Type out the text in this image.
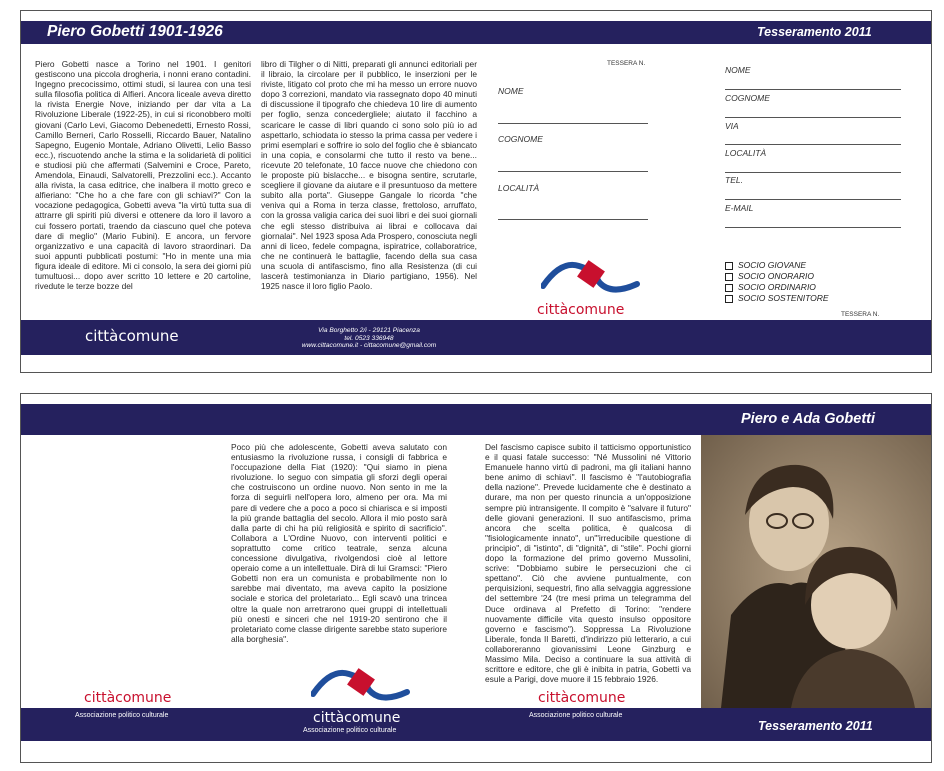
Piero Gobetti 1901-1926	Tesseramento 2011
Piero Gobetti nasce a Torino nel 1901. I genitori gestiscono una piccola drogheria, i nonni erano contadini. Ingegno precocissimo, ottimi studi, si laurea con una tesi sulla filosofia politica di Alfieri. Ancora liceale aveva diretto la rivista Energie Nove, iniziando per dar vita a La Rivoluzione Liberale (1922-25), in cui si riconobbero molti giovani (Carlo Levi, Giacomo Debenedetti, Ernesto Rossi, Camillo Berneri, Carlo Rosselli, Riccardo Bauer, Natalino Sapegno, Eugenio Montale, Adriano Olivetti, Lelio Basso ecc.), riscuotendo anche la stima e la solidarietà di politici e studiosi più che affermati (Salvemini e Croce, Pareto, Amendola, Einaudi, Salvatorelli, Prezzolini ecc.). Accanto alla rivista, la casa editrice, che inalbera il motto greco e alfieriano: "Che ho a che fare con gli schiavi?" Con la vocazione pedagogica, Gobetti aveva "la virtù tutta sua di attrarre gli spiriti più diversi e ottenere da loro il lavoro a cui fossero portati, traendo da ciascuno quel che poteva dare di meglio" (Mario Fubini). E ancora, un fervore organizzativo e una capacità di lavoro straordinari. Da suoi appunti pubblicati postumi: "Ho in mente una mia figura ideale di editore. Mi ci consolo, la sera dei giorni più tumultuosi... dopo aver scritto 10 lettere e 20 cartoline, rivedute le terze bozze del
libro di Tilgher o di Nitti, preparati gli annunci editoriali per il libraio, la circolare per il pubblico, le inserzioni per le riviste, litigato col proto che mi ha messo un errore nuovo dopo 3 correzioni, mandato via rassegnato dopo 40 minuti di discussione il tipografo che chiedeva 10 lire di aumento per foglio, senza concedergliele; aiutato il facchino a scaricare le casse di libri quando ci sono solo più io ad aspettarlo, schiodata io stesso la prima cassa per vedere i primi esemplari e soffrire io solo del foglio che è sbiancato in una copia, e consolarmi che tutto il resto va bene... ricevute 20 telefonate, 10 facce nuove che chiedono con le proposte più bislacche... e bisogna sentire, scrutarle, scegliere il giovane da aiutare e il presuntuoso da mettere subito alla porta". Giuseppe Gangale lo ricorda "che veniva qui a Roma in terza classe, frettoloso, arruffato, con la grossa valigia carica dei suoi libri e dei suoi giornali che egli stesso distribuiva ai librai e collocava dai giornalai". Nel 1923 sposa Ada Prospero, conosciuta negli anni di liceo, fedele compagna, ispiratrice, collaboratrice, che ne continuerà le battaglie, facendo della sua casa una scuola di antifascismo, fino alla Resistenza (di cui lascerà testimonianza in Diario partigiano, 1956). Nel 1925 nasce il loro figlio Paolo.
TESSERA N.
NOME
COGNOME
LOCALITÀ
cittàcomune
NOME
COGNOME
VIA
LOCALITÀ
TEL.
E-MAIL
SOCIO GIOVANE
SOCIO ONORARIO
SOCIO ORDINARIO
SOCIO SOSTENITORE
TESSERA N.
cittàcomune	Via Borghetto 2/i - 29121 Piacenza
tel. 0523 336948
www.cittacomune.it - cittacomune@gmail.com
Piero e Ada Gobetti
Poco più che adolescente, Gobetti aveva salutato con entusiasmo la rivoluzione russa, i consigli di fabbrica e l'occupazione della Fiat (1920): "Qui siamo in piena rivoluzione. Io seguo con simpatia gli sforzi degli operai che costruiscono un ordine nuovo. Non sento in me la forza di seguirli nell'opera loro, almeno per ora. Ma mi pare di vedere che a poco a poco si chiarisca e si imposti la più grande battaglia del secolo. Allora il mio posto sarà dalla parte di chi ha più religiosità e spirito di sacrificio". Collabora a L'Ordine Nuovo, con interventi politici e soprattutto come critico teatrale, senza alcuna concessione divulgativa, rivolgendosi cioè al lettore operaio come a un intellettuale. Dirà di lui Gramsci: "Piero Gobetti non era un comunista e probabilmente non lo sarebbe mai diventato, ma aveva capito la posizione sociale e storica del proletariato... Egli scavò una trincea oltre la quale non arretrarono quei gruppi di intellettuali più onesti e sinceri che nel 1919-20 sentirono che il proletariato come classe dirigente sarebbe stato superiore alla borghesia".
Del fascismo capisce subito il tatticismo opportunistico e il quasi fatale successo: "Né Mussolini né Vittorio Emanuele hanno virtù di padroni, ma gli italiani hanno bene animo di schiavi". Il fascismo è "l'autobiografia della nazione". Prevede lucidamente che è destinato a durare, ma non per questo rinuncia a un'opposizione sempre più intransigente. Il compito è "salvare il futuro" delle giovani generazioni. Il suo antifascismo, prima ancora che scelta politica, è qualcosa di "fisiologicamente innato", un'"irreducibile questione di principio", di "istinto", di "dignità", di "stile". Pochi giorni dopo la formazione del primo governo Mussolini, scrive: "Dobbiamo subire le persecuzioni che ci spettano". Ciò che avviene puntualmente, con perquisizioni, sequestri, fino alla selvaggia aggressione del settembre '24 (tre mesi prima un telegramma del Duce ordinava al Prefetto di Torino: "rendere nuovamente difficile vita questo insulso oppositore governo e fascismo"). Soppressa La Rivoluzione Liberale, fonda Il Baretti, d'indirizzo più letterario, a cui collaboreranno giovanissimi Leone Ginzburg e Massimo Mila. Deciso a continuare la sua attività di scrittore e editore, che gli è inibita in patria, Gobetti va esule a Parigi, dove muore il 15 febbraio 1926.
cittàcomune	cittàcomune
Associazione politico culturale	cittàcomune
Associazione politico culturale
Associazione politico culturale
Tesseramento 2011
